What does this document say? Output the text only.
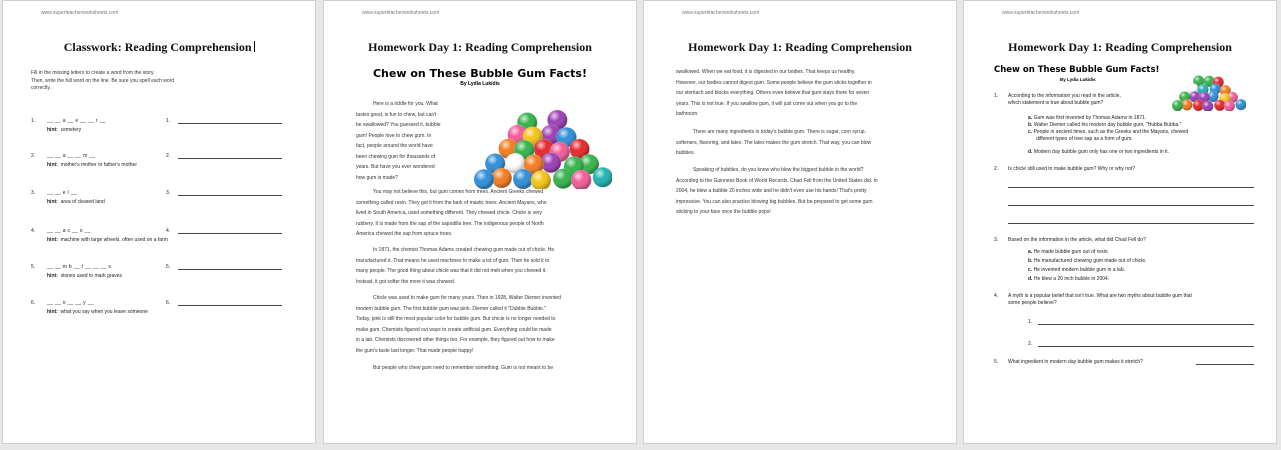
www.superteacherworksheets.com
Classwork: Reading Comprehension
Fill in the missing letters to create a word from the story.
Then, write the full word on the line. Be sure you spell each word
correctly.
1. __ __ a __ e __ __ r __
hint: cemetery
1.
2. __ __ a __ __ m __
hint: mother's mother or father's mother
2.
3. __ __ e l __
hint: area of cleared land
3.
4. __ __ a c __ o __
hint: machine with large wheels, often used on a farm
4.
5. __ __ m b __ t __ __ __ s
hint: stones used to mark graves
5.
6. __ __ o __ __ y __
hint: what you say when you leave someone
6.
www.superteacherworksheets.com
Homework Day 1: Reading Comprehension
Chew on These Bubble Gum Facts!
By Lydia Lukidis
Here is a riddle for you. What
tastes good, is fun to chew, but can't
be swallowed? You guessed it, bubble
gum! People love to chew gum. In
fact, people around the world have
been chewing gum for thousands of
years. But have you ever wondered
how gum is made?
You may not believe this, but gum comes from trees. Ancient Greeks chewed
something called resin. They got it from the bark of mastic trees. Ancient Mayans, who
lived in South America, used something different. They chewed chicle. Chicle is very
rubbery. It is made from the sap of the sapodilla tree. The indigenous people of North
America chewed the sap from spruce trees.
In 1871, the chemist Thomas Adams created chewing gum made out of chicle. He
manufactured it. That means he used machines to make a lot of gum. Then he sold it to
many people. The good thing about chicle was that it did not melt when you chewed it.
Instead, it got softer the more it was chewed.
Chicle was used to make gum for many years. Then in 1928, Walter Diemer invented
modern bubble gum. The first bubble gum was pink. Diemer called it "Dubble Bubble."
Today, pink is still the most popular color for bubble gum. But chicle is no longer needed to
make gum. Chemists figured out ways to create artificial gum. Everything could be made
in a lab. Chemists discovered other things too. For example, they figured out how to make
the gum's taste last longer. That made people happy!
But people who chew gum need to remember something. Gum is not meant to be
www.superteacherworksheets.com
Homework Day 1: Reading Comprehension
swallowed. When we eat food, it is digested in our bodies. That keeps us healthy.
However, our bodies cannot digest gum. Some people believe the gum sticks together in
our stomach and blocks everything. Others even believe that gum stays there for seven
years. This is not true. If you swallow gum, it will just come out when you go to the
bathroom.
There are many ingredients in today's bubble gum. There is sugar, corn syrup,
softeners, flavoring, and latex. The latex makes the gum stretch. That way, you can blow
bubbles.
Speaking of bubbles, do you know who blew the biggest bubble in the world?
According to the Guinness Book of World Records, Chad Fell from the United States did. In
2004, he blew a bubble 20 inches wide and he didn't even use his hands! That's pretty
impressive. You can also practice blowing big bubbles. But be prepared to get some gum
sticking to your face once the bubble pops!
www.superteacherworksheets.com
Homework Day 1: Reading Comprehension
Chew on These Bubble Gum Facts!
By Lydia Lukidis
1. According to the information you read in the article,
which statement is true about bubble gum?
a. Gum was first invented by Thomas Adams in 1871.
b. Walter Diemer called his modern day bubble gum, "Hubba Bubba."
c. People in ancient times, such as the Greeks and the Mayans, chewed
different types of tree sap as a form of gum.
d. Modern day bubble gum only has one or two ingredients in it.
2. Is chicle still used to make bubble gum? Why or why not?
3. Based on the information in the article, what did Chad Fell do?
a. He made bubble gum out of resin.
b. He manufactured chewing gum made out of chicle.
c. He invented modern bubble gum in a lab.
d. He blew a 20 inch bubble in 2004.
4. A myth is a popular belief that isn't true. What are two myths about bubble gum that
some people believe?
1.
2.
5. What ingredient in modern day bubble gum makes it stretch?
